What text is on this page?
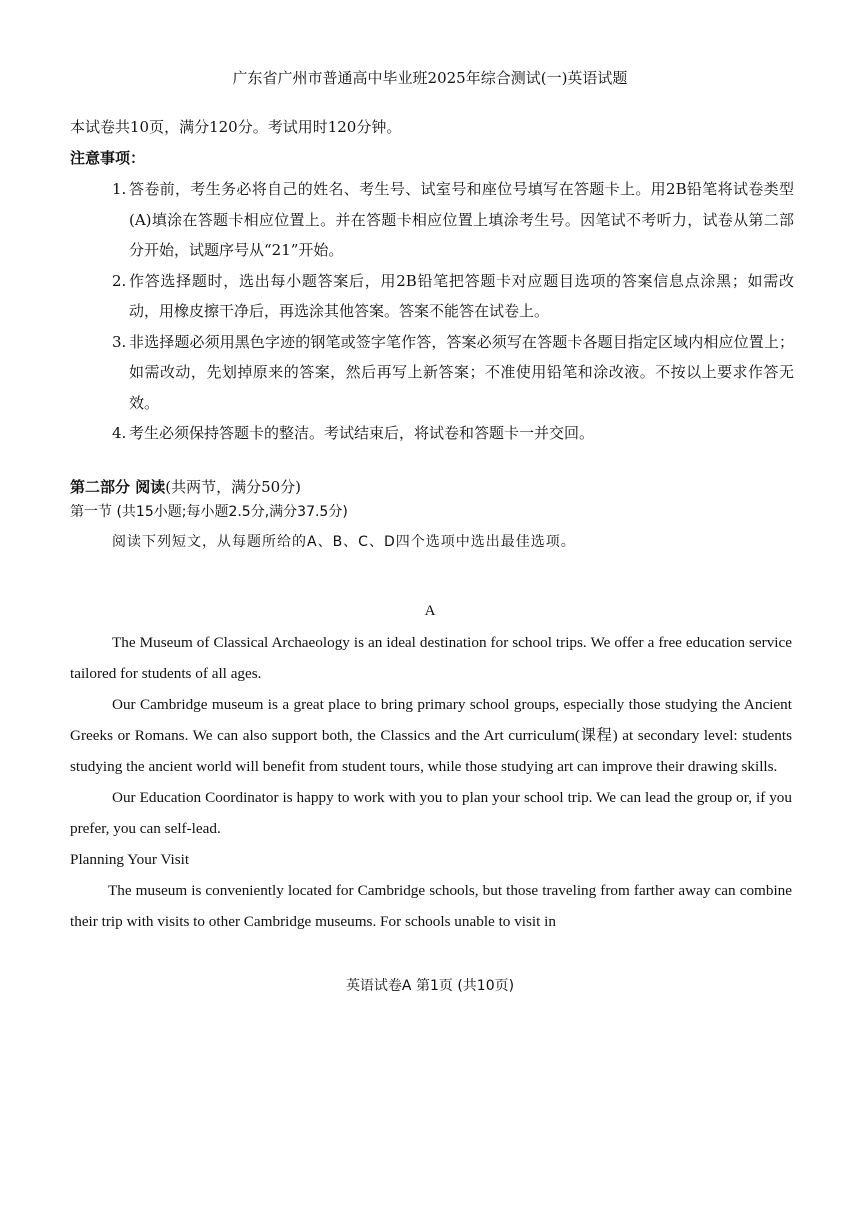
广东省广州市普通高中毕业班2025年综合测试(一)英语试题
本试卷共10页，满分120分。考试用时120分钟。
注意事项：
1. 答卷前，考生务必将自己的姓名、考生号、试室号和座位号填写在答题卡上。用2B铅笔将试卷类型(A)填涂在答题卡相应位置上。并在答题卡相应位置上填涂考生号。因笔试不考听力，试卷从第二部分开始，试题序号从“21”开始。
2. 作答选择题时，选出每小题答案后，用2B铅笔把答题卡对应题目选项的答案信息点涂黑；如需改动，用橡皮擦干净后，再选涂其他答案。答案不能答在试卷上。
3. 非选择题必须用黑色字迹的钢笔或签字笔作答，答案必须写在答题卡各题目指定区域内相应位置上；如需改动，先划掉原来的答案，然后再写上新答案；不准使用铅笔和涂改液。不按以上要求作答无效。
4. 考生必须保持答题卡的整洁。考试结束后，将试卷和答题卡一并交回。
第二部分 阅读(共两节，满分50分)
第一节 (共15小题;每小题2.5分,满分37.5分)
阅读下列短文，从每题所给的A、B、C、D四个选项中选出最佳选项。
A

The Museum of Classical Archaeology is an ideal destination for school trips. We offer a free education service tailored for students of all ages.

Our Cambridge museum is a great place to bring primary school groups, especially those studying the Ancient Greeks or Romans. We can also support both, the Classics and the Art curriculum(课程) at secondary level: students studying the ancient world will benefit from student tours, while those studying art can improve their drawing skills.

Our Education Coordinator is happy to work with you to plan your school trip. We can lead the group or, if you prefer, you can self-lead.

Planning Your Visit

The museum is conveniently located for Cambridge schools, but those traveling from farther away can combine their trip with visits to other Cambridge museums. For schools unable to visit in

英语试卷A 第1页 (共10页)
